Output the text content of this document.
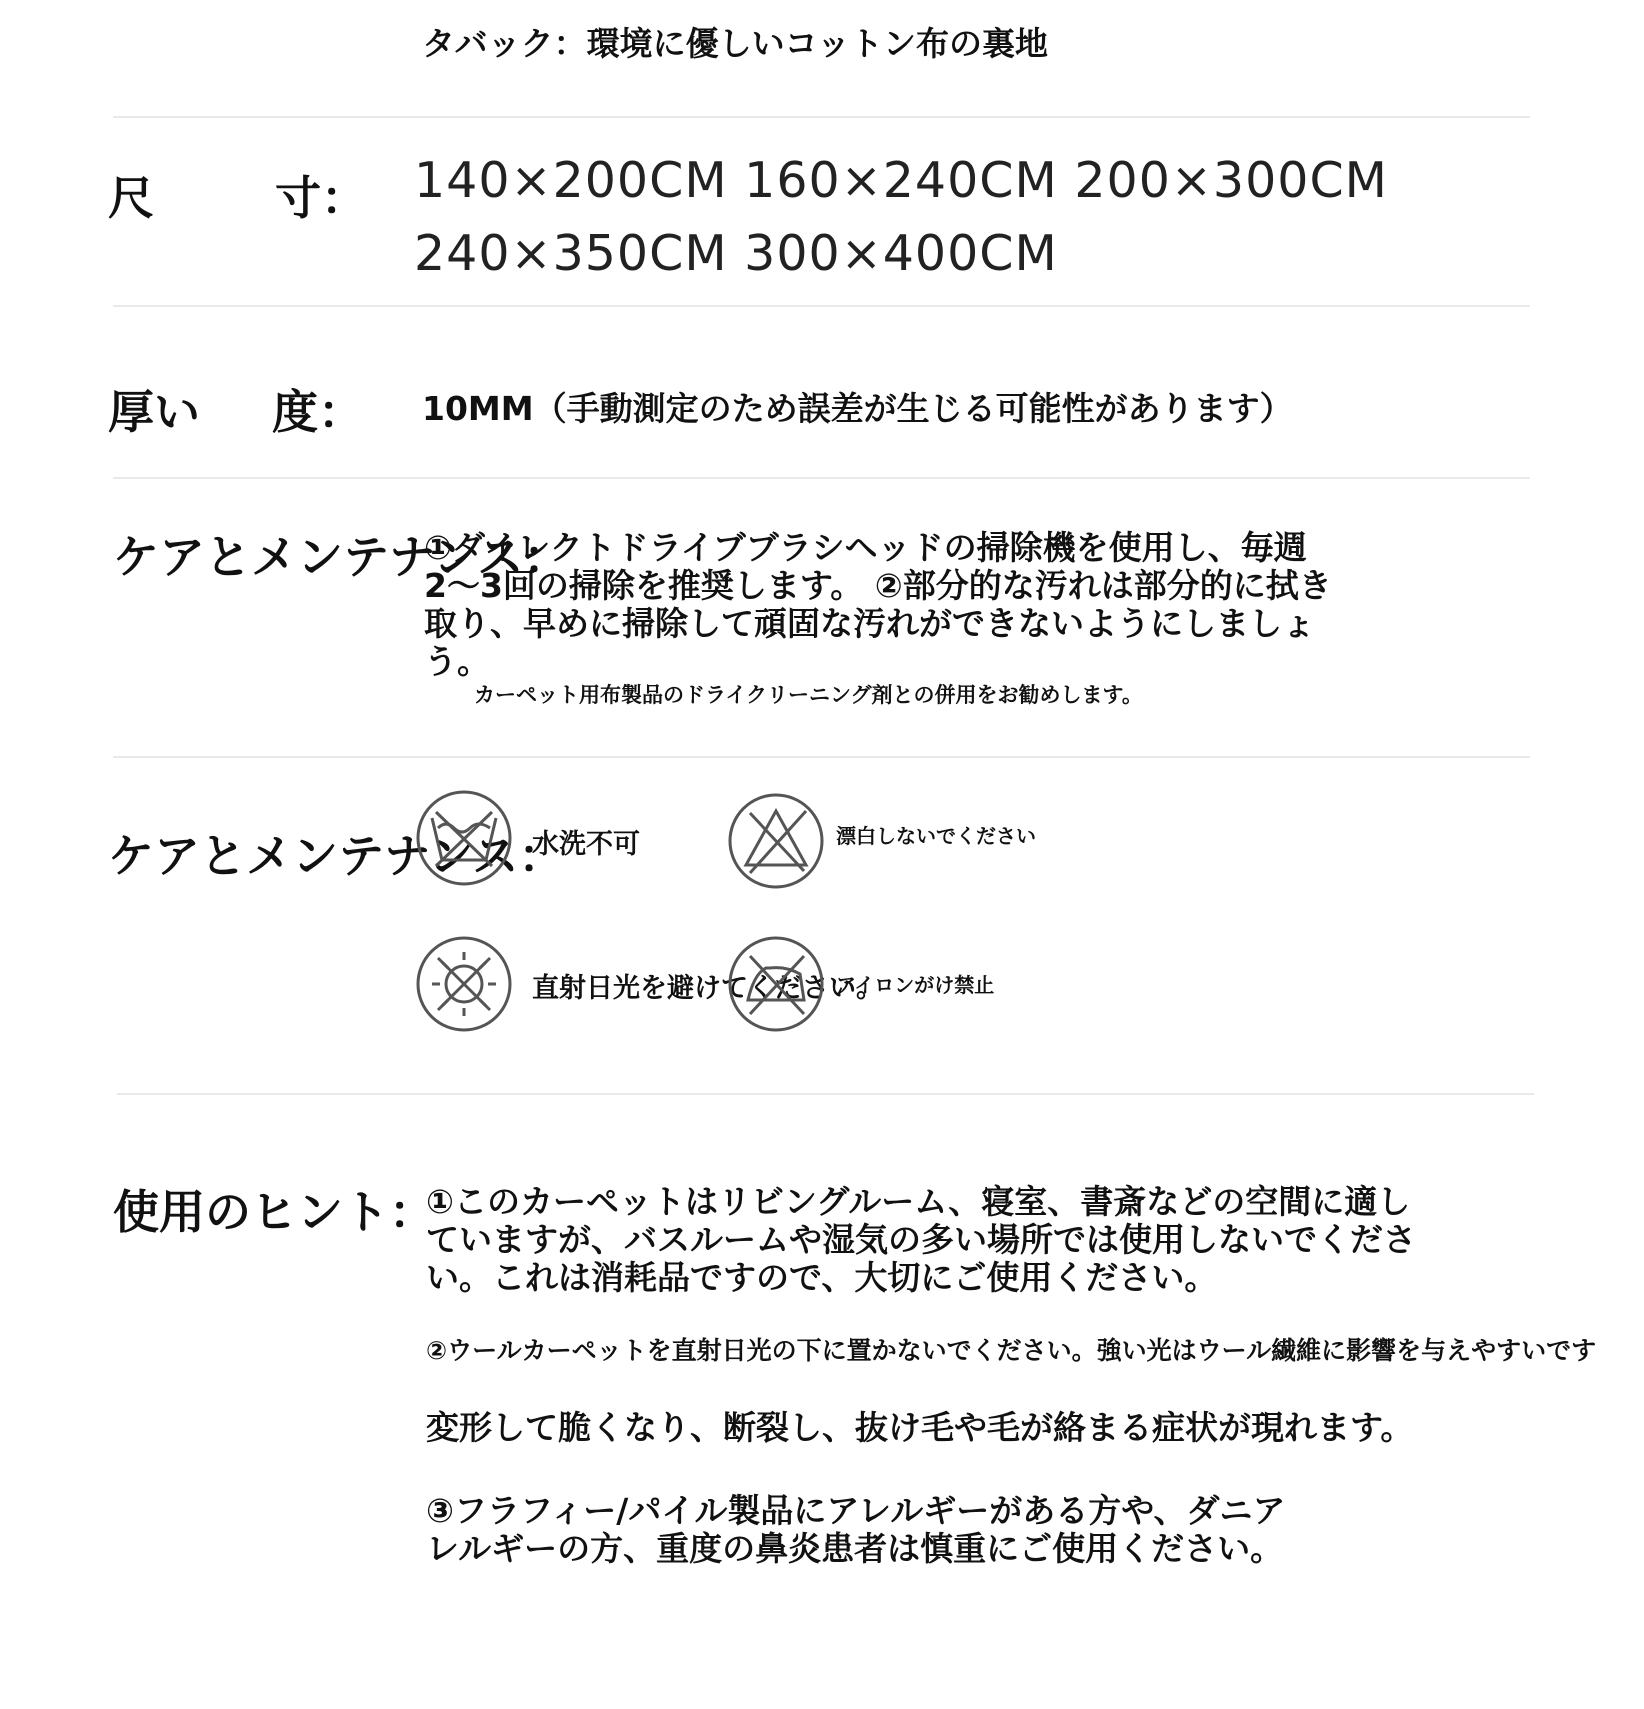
タバック：環境に優しいコットン布の裏地
尺	寸： 140×200CM 160×240CM 200×300CM
240×350CM 300×400CM
厚い 度： 10MM（手動測定のため誤差が生じる可能性があります）
ケアとメンテナンス：
①ダイレクトドライブブラシヘッドの掃除機を使用し、毎週2〜3回の掃除を推奨します。 ②部分的な汚れは部分的に拭き取り、早めに掃除して頑固な汚れができないようにしましょう。
カーペット用布製品のドライクリーニング剤との併用をお勧めします。
ケアとメンテナンス：
水洗不可	漂白しないでください
直射日光を避けてください。
アイロンがけ禁止
使用のヒント：
①このカーペットはリビングルーム、寝室、書斎などの空間に適していますが、バスルームや湿気の多い場所では使用しないでください。これは消耗品ですので、大切にご使用ください。
②ウールカーペットを直射日光の下に置かないでください。強い光はウール繊維に影響を与えやすいです
変形して脆くなり、断裂し、抜け毛や毛が絡まる症状が現れます。
③フラフィー/パイル製品にアレルギーがある方や、ダニアレルギーの方、重度の鼻炎患者は慎重にご使用ください。
